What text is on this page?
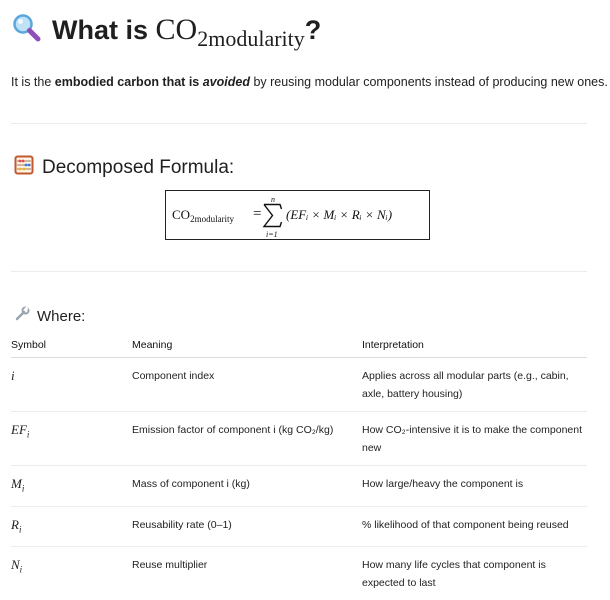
What is $CO_{2modularity}$?
It is the embodied carbon that is avoided by reusing modular components instead of producing new ones.
Decomposed Formula:
$CO_{2modularity}$ =
n
i=1
(EFᵢ × Mᵢ × Rᵢ × Nᵢ)
Where:
Symbol	Meaning	Interpretation
i	Component index	Applies across all modular parts (e.g., cabin, axle, battery housing)
$EF_i$	Emission factor of component i (kg CO₂/kg)	How CO₂-intensive it is to make the component new
$M_i$	Mass of component i (kg)	How large/heavy the component is
$R_i$	Reusability rate (0–1)	% likelihood of that component being reused
$N_i$	Reuse multiplier	How many life cycles that component is expected to last
